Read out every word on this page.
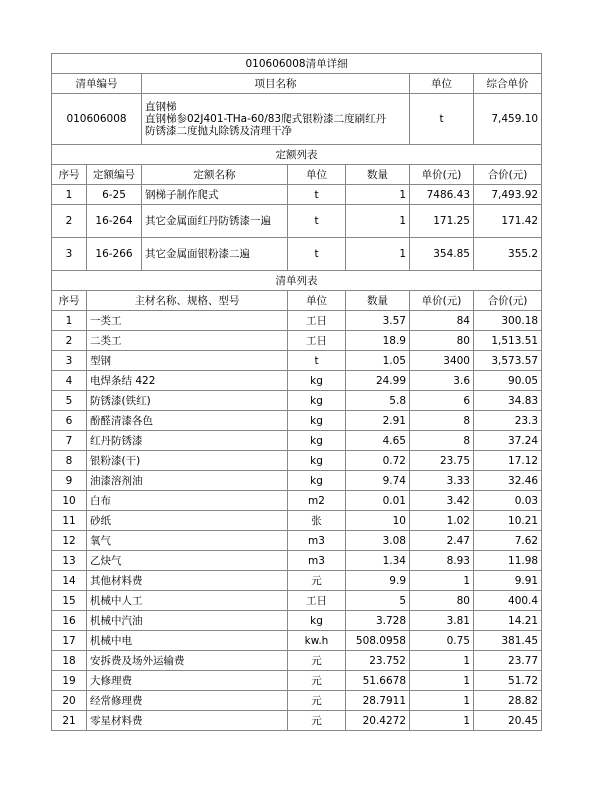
010606008清单详细						
清单编号		项目名称			单位	综合单价
010606008		直钢梯
直钢梯参02J401-THa-60/83爬式银粉漆二度刷红丹
防锈漆二度抛丸除锈及清理干净			t	7,459.10
定额列表						
序号	定额编号	定额名称	单位	数量	单价(元)	合价(元)
1	6-25	钢梯子制作爬式	t	1	7486.43	7,493.92
2	16-264	其它金属面红丹防锈漆一遍	t	1	171.25	171.42
3	16-266	其它金属面银粉漆二遍	t	1	354.85	355.2
清单列表						
序号	主材名称、规格、型号		单位	数量	单价(元)	合价(元)
1	一类工		工日	3.57	84	300.18
2	二类工		工日	18.9	80	1,513.51
3	型钢		t	1.05	3400	3,573.57
4	电焊条结 422		kg	24.99	3.6	90.05
5	防锈漆(铁红)		kg	5.8	6	34.83
6	酚醛清漆各色		kg	2.91	8	23.3
7	红丹防锈漆		kg	4.65	8	37.24
8	银粉漆(干)		kg	0.72	23.75	17.12
9	油漆溶剂油		kg	9.74	3.33	32.46
10	白布		m2	0.01	3.42	0.03
11	砂纸		张	10	1.02	10.21
12	氧气		m3	3.08	2.47	7.62
13	乙炔气		m3	1.34	8.93	11.98
14	其他材料费		元	9.9	1	9.91
15	机械中人工		工日	5	80	400.4
16	机械中汽油		kg	3.728	3.81	14.21
17	机械中电		kw.h	508.0958	0.75	381.45
18	安拆费及场外运输费		元	23.752	1	23.77
19	大修理费		元	51.6678	1	51.72
20	经常修理费		元	28.7911	1	28.82
21	零星材料费		元	20.4272	1	20.45
